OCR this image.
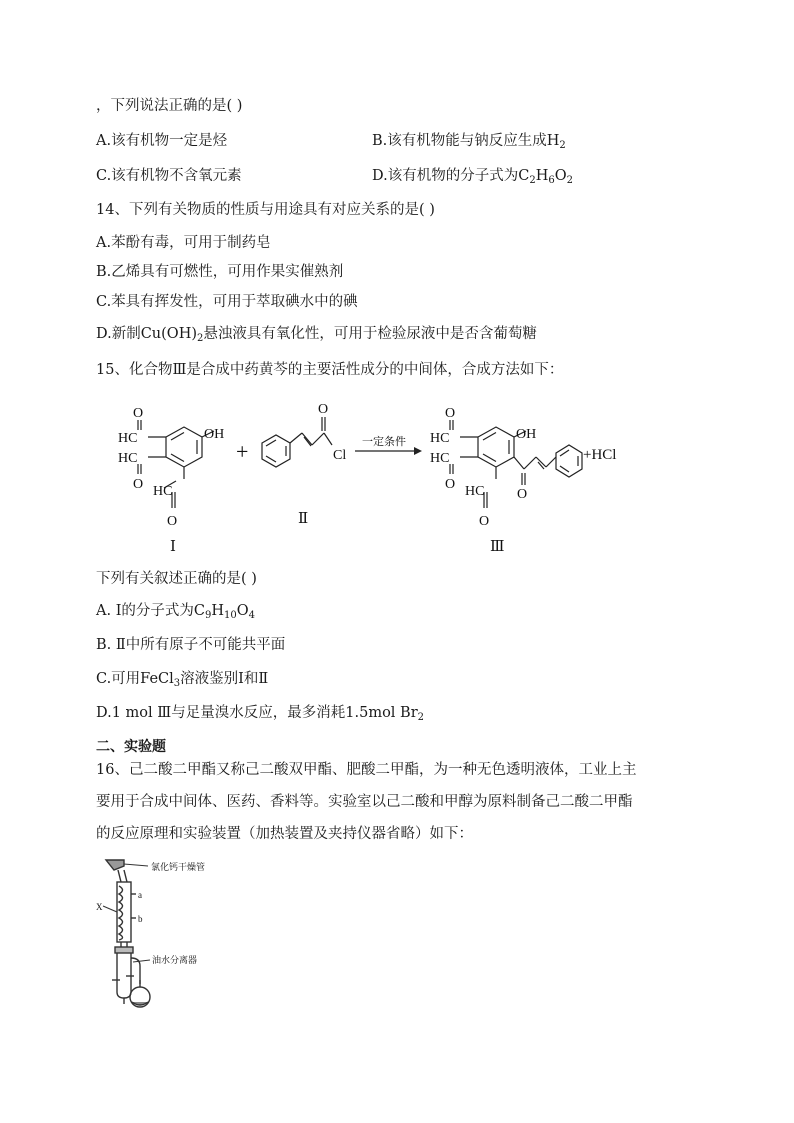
，下列说法正确的是( )
A.该有机物一定是烃	B.该有机物能与钠反应生成$H_2$
C.该有机物不含氧元素	D.该有机物的分子式为$C_2H_6O_2$
14、下列有关物质的性质与用途具有对应关系的是( )
A.苯酚有毒，可用于制药皂
B.乙烯具有可燃性，可用作果实催熟剂
C.苯具有挥发性，可用于萃取碘水中的碘
D.新制$Cu(OH)_2$悬浊液具有氧化性，可用于检验尿液中是否含葡萄糖
15、化合物Ⅲ是合成中药黄芩的主要活性成分的中间体，合成方法如下：
O
HC
HC
O
OH
HC
O
Ⅰ
+
O
Cl
Ⅱ
一定条件
O
HC
HC
O
OH
HC
O
O
+HCl
Ⅲ
下列有关叙述正确的是( )
A. Ⅰ的分子式为$C_9H_{10}O_4$
B. Ⅱ中所有原子不可能共平面
C.可用FeCl$_3$溶液鉴别Ⅰ和Ⅱ
D.1 mol Ⅲ与足量溴水反应，最多消耗1.5mol $Br_2$
二、实验题
16、己二酸二甲酯又称己二酸双甲酯、肥酸二甲酯，为一种无色透明液体，工业上主
要用于合成中间体、医药、香料等。实验室以己二酸和甲醇为原料制备己二酸二甲酯
的反应原理和实验装置（加热装置及夹持仪器省略）如下：
氯化钙干燥管
a
b
X
油水分离器
